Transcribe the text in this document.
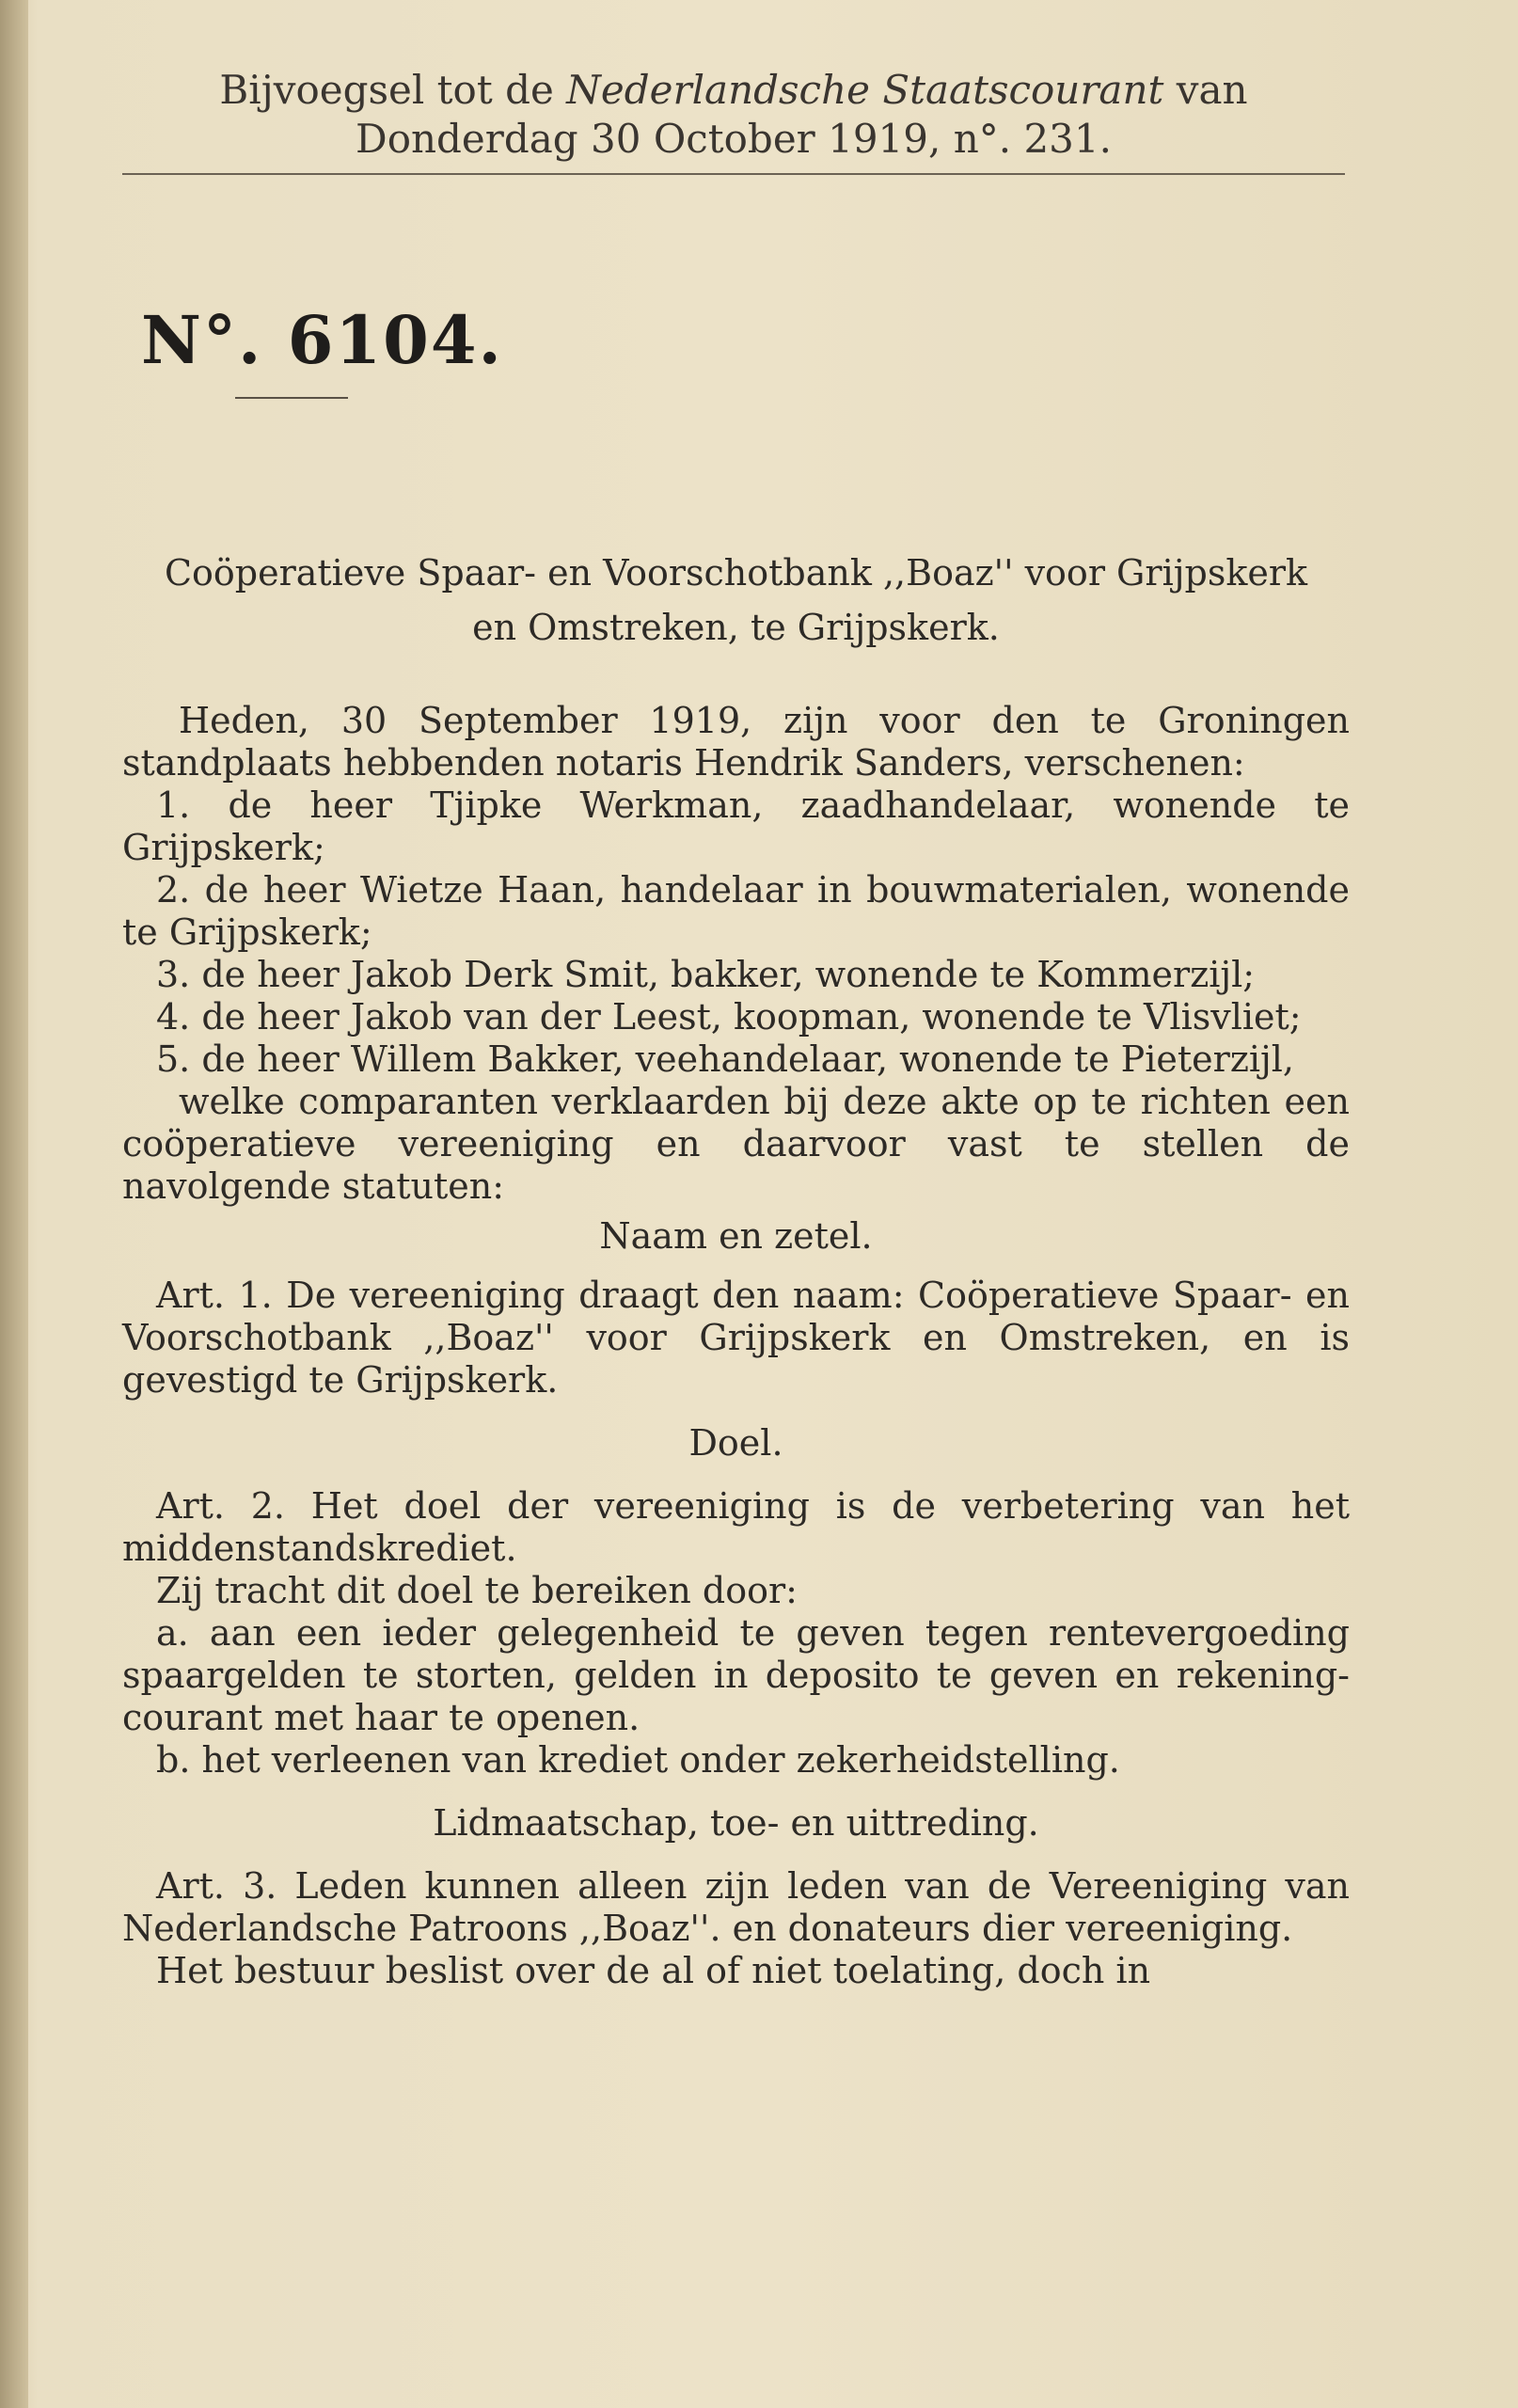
Bijvoegsel tot de Nederlandsche Staatscourant van
Donderdag 30 October 1919, n°. 231.
N°. 6104.

Coöperatieve Spaar- en Voorschotbank ,,Boaz'' voor Grijpskerk en Omstreken, te Grijpskerk.

Heden, 30 September 1919, zijn voor den te Groningen standplaats hebbenden notaris Hendrik Sanders, verschenen:

1. de heer Tjipke Werkman, zaadhandelaar, wonende te Grijpskerk;

2. de heer Wietze Haan, handelaar in bouwmaterialen, wonende te Grijpskerk;

3. de heer Jakob Derk Smit, bakker, wonende te Kommerzijl;

4. de heer Jakob van der Leest, koopman, wonende te Vlisvliet;

5. de heer Willem Bakker, veehandelaar, wonende te Pieterzijl,

welke comparanten verklaarden bij deze akte op te richten een coöperatieve vereeniging en daarvoor vast te stellen de navolgende statuten:

Naam en zetel.

Art. 1. De vereeniging draagt den naam: Coöperatieve Spaar- en Voorschotbank ,,Boaz'' voor Grijpskerk en Omstreken, en is gevestigd te Grijpskerk.

Doel.

Art. 2. Het doel der vereeniging is de verbetering van het middenstandskrediet.

Zij tracht dit doel te bereiken door:

a. aan een ieder gelegenheid te geven tegen rentevergoeding spaargelden te storten, gelden in deposito te geven en rekening-courant met haar te openen.

b. het verleenen van krediet onder zekerheidstelling.

Lidmaatschap, toe- en uittreding.

Art. 3. Leden kunnen alleen zijn leden van de Vereeniging van Nederlandsche Patroons ,,Boaz''. en donateurs dier vereeniging.

Het bestuur beslist over de al of niet toelating, doch in
